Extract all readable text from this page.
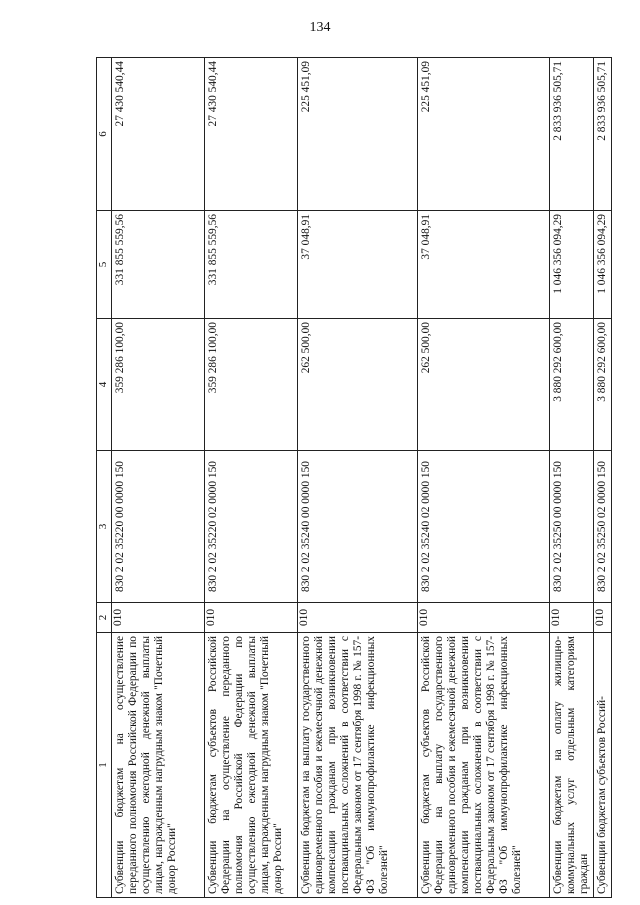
134
1	2	3	4	5	6
Субвенции бюджетам на осуществление переданного полномочия Российской Федерации по осуществлению ежегодной денежной выплаты лицам, награжденным нагрудным знаком "Почетный донор России"	010	830 2 02 35220 00 0000 150	359 286 100,00	331 855 559,56	27 430 540,44
Субвенции бюджетам субъектов Российской Федерации на осуществление переданного полномочия Российской Федерации по осуществлению ежегодной денежной выплаты лицам, награжденным нагрудным знаком "Почетный донор России"	010	830 2 02 35220 02 0000 150	359 286 100,00	331 855 559,56	27 430 540,44
Субвенции бюджетам на выплату государственного единовременного пособия и ежемесячной денежной компенсации гражданам при возникновении поствакцинальных осложнений в соответствии с Федеральным законом от 17 сентября 1998 г. № 157-ФЗ "Об иммунопрофилактике инфекционных болезней"	010	830 2 02 35240 00 0000 150	262 500,00	37 048,91	225 451,09
Субвенции бюджетам субъектов Российской Федерации на выплату государственного единовременного пособия и ежемесячной денежной компенсации гражданам при возникновении поствакцинальных осложнений в соответствии с Федеральным законом от 17 сентября 1998 г. № 157-ФЗ "Об иммунопрофилактике инфекционных болезней"	010	830 2 02 35240 02 0000 150	262 500,00	37 048,91	225 451,09
Субвенции бюджетам на оплату жилищно-коммунальных услуг отдельным категориям граждан	010	830 2 02 35250 00 0000 150	3 880 292 600,00	1 046 356 094,29	2 833 936 505,71
Субвенции бюджетам субъектов Россий-	010	830 2 02 35250 02 0000 150	3 880 292 600,00	1 046 356 094,29	2 833 936 505,71
